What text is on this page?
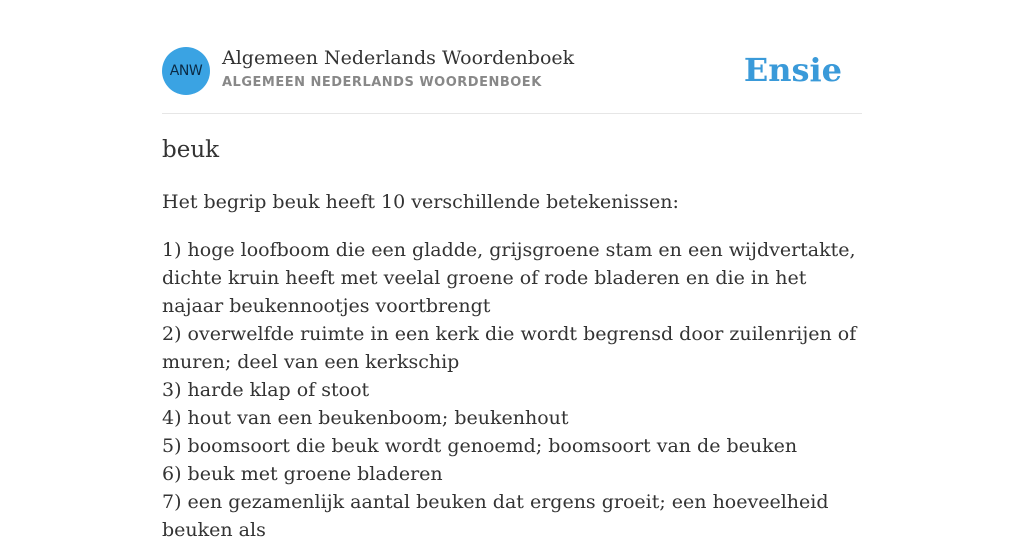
ANW
Algemeen Nederlands Woordenboek
ALGEMEEN NEDERLANDS WOORDENBOEK	Ensie
beuk

Het begrip beuk heeft 10 verschillende betekenissen:

1) hoge loofboom die een gladde, grijsgroene stam en een wijdvertakte, dichte kruin heeft met veelal groene of rode bladeren en die in het najaar beukennootjes voortbrengt
2) overwelfde ruimte in een kerk die wordt begrensd door zuilenrijen of muren; deel van een kerkschip
3) harde klap of stoot
4) hout van een beukenboom; beukenhout
5) boomsoort die beuk wordt genoemd; boomsoort van de beuken
6) beuk met groene bladeren
7) een gezamenlijk aantal beuken dat ergens groeit; een hoeveelheid beuken als
